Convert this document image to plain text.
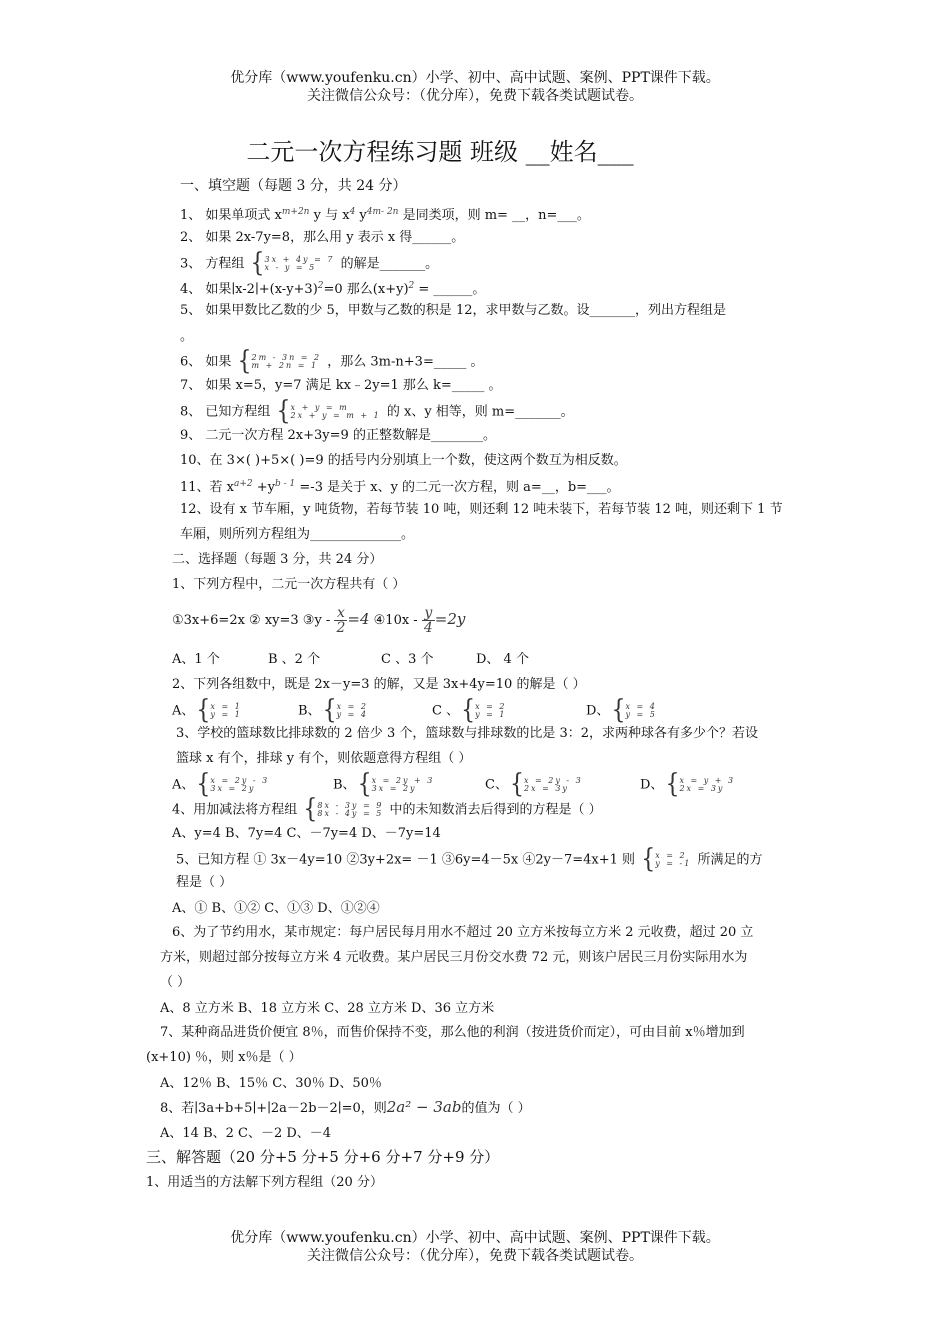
优分库（www.youfenku.cn）小学、初中、高中试题、案例、PPT课件下载。
关注微信公众号：（优分库），免费下载各类试题试卷。
二元一次方程练习题 班级 __姓名___
一、填空题（每题 3 分，共 24 分）
1、 如果单项式 $x^{m+2n}$ y 与 $x^4$ $y^{4m- 2n}$ 是同类项，则 m= __，n=___。
2、 如果 2x-7y=8，那么用 y 表示 x 得______。
3、 方程组 {3x + 4y = 7
x - y = 5 的解是_______。
4、 如果$∣x-2∣+(x-y+3)^2=0$ 那么$(x+y)^2$ = ______。
5、 如果甲数比乙数的少 5，甲数与乙数的积是 12，求甲数与乙数。设_______，列出方程组是
。
6、 如果 {2m - 3n = 2
m + 2n = 1 ，那么 3m-n+3=_____ 。
7、 如果 x=5，y=7 满足 kx﹣2y=1 那么 k=_____ 。
8、 已知方程组 {x + y = m
2x + y = m + 1 的 x、y 相等，则 m=_______。
9、 二元一次方程 2x+3y=9 的正整数解是________。
10、在 3×( )+5×( )=9 的括号内分别填上一个数，使这两个数互为相反数。
11、若 $x^{a+2} +y^{b - 1} =-3$ 是关于 x、y 的二元一次方程，则 a=__，b=___。
12、设有 x 节车厢，y 吨货物，若每节装 10 吨，则还剩 12 吨未装下，若每节装 12 吨，则还剩下 1 节
车厢，则所列方程组为______________。
二、选择题（每题 3 分，共 24 分）
1、下列方程中，二元一次方程共有（ ）
①3x+6=2x ② xy=3 ③y - $\frac{x}{2} =4$ ④10x - $\frac{y}{4} =2y$
A、1 个	B 、2 个	C 、3 个	D、 4 个
2、下列各组数中，既是 2x－y=3 的解，又是 3x+4y=10 的解是（ ）
A、{x = 1
y = 1	B、{x = 2
y = 4	C 、{x = 2
y = 1	D、{x = 4
y = 5
3、学校的篮球数比排球数的 2 倍少 3 个，篮球数与排球数的比是 3：2，求两种球各有多少个？若设
篮球 x 有个，排球 y 有个，则依题意得方程组（ ）
A、{x = 2y - 3
3x = 2y	B、{x = 2y + 3
3x = 2y	C、{x = 2y - 3
2x = 3y	D、{x = y + 3
2x = 3y
4、用加减法将方程组 {8x - 3y = 9
8x - 4y = 5 中的未知数消去后得到的方程是（ ）
A、y=4 B、7y=4 C、－7y=4 D、－7y=14
5、已知方程 ① 3x－4y=10 ②3y+2x= －1 ③6y=4－5x ④2y－7=4x+1 则 {x = 2
y = -1 所满足的方
程是（ ）
A、① B、①② C、①③ D、①②④
6、为了节约用水，某市规定：每户居民每月用水不超过 20 立方米按每立方米 2 元收费，超过 20 立
方米，则超过部分按每立方米 4 元收费。某户居民三月份交水费 72 元，则该户居民三月份实际用水为
（ ）
A、8 立方米 B、18 立方米 C、28 立方米 D、36 立方米
7、某种商品进货价便宜 8％，而售价保持不变，那么他的利润（按进货价而定），可由目前 x％增加到
(x+10) ％，则 x％是（ ）
A、12％ B、15％ C、30％ D、50％
8、若∣3a+b+5∣+∣2a－2b－2∣=0，则2a² − 3ab的值为（ ）
A、14 B、2 C、－2 D、－4
三、解答题（20 分+5 分+5 分+6 分+7 分+9 分）
1、用适当的方法解下列方程组（20 分）
优分库（www.youfenku.cn）小学、初中、高中试题、案例、PPT课件下载。
关注微信公众号：（优分库），免费下载各类试题试卷。
